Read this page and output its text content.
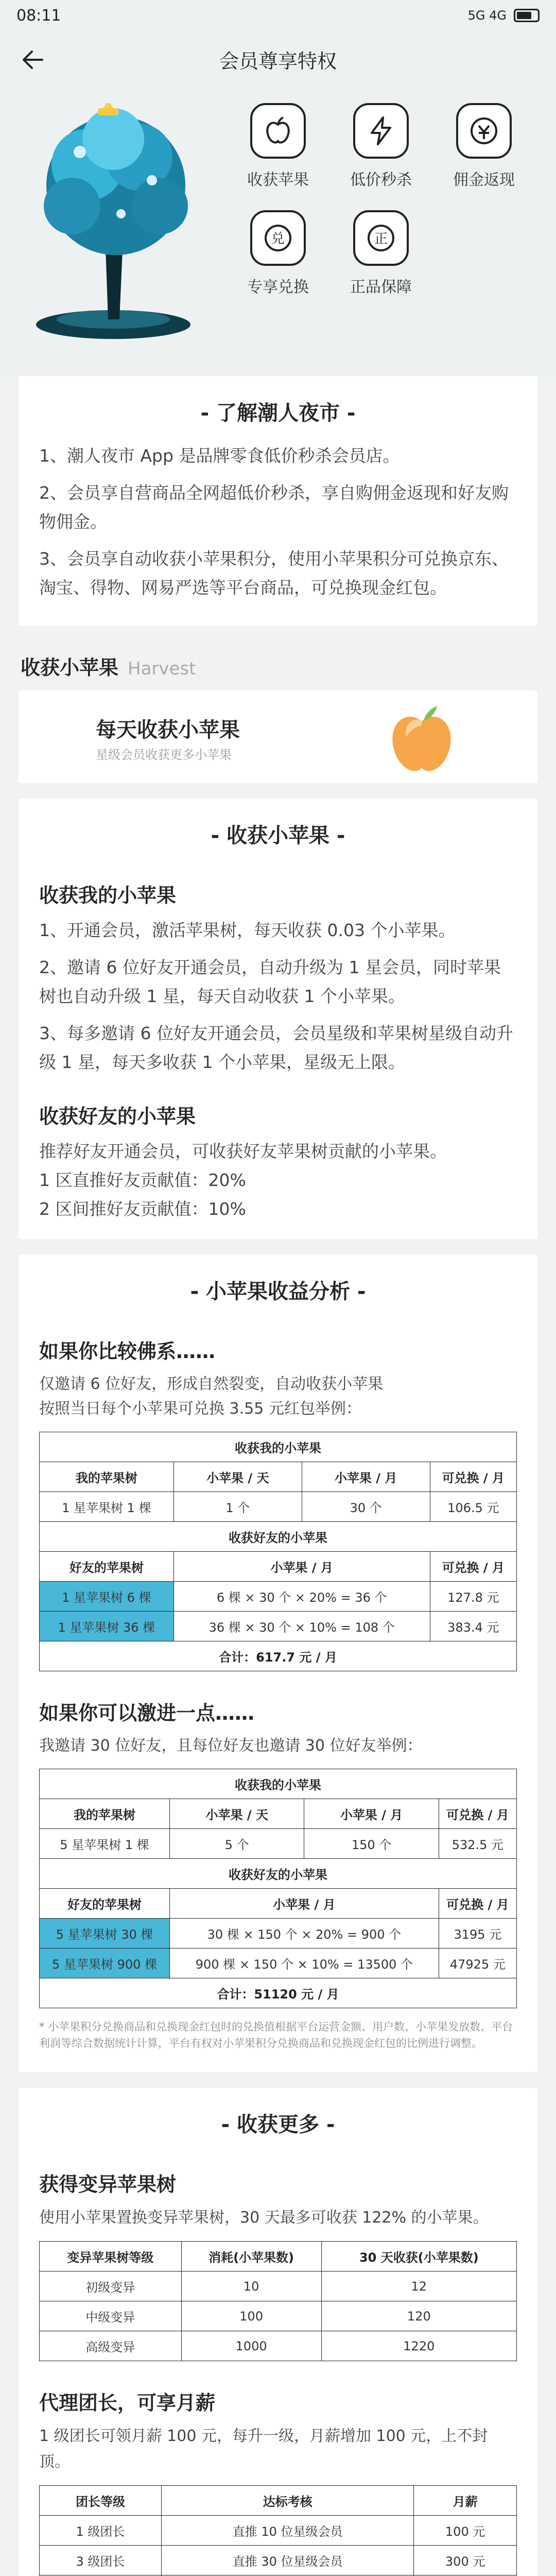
08:11	5G 4G
会员尊享特权
收获苹果	低价秒杀	佣金返现
兑
专享兑换
正
正品保障
- 了解潮人夜市 -
1、潮人夜市 App 是品牌零食低价秒杀会员店。
2、会员享自营商品全网超低价秒杀，享自购佣金返现和好友购物佣金。
3、会员享自动收获小苹果积分，使用小苹果积分可兑换京东、淘宝、得物、网易严选等平台商品，可兑换现金红包。
收获小苹果 Harvest
每天收获小苹果
星级会员收获更多小苹果
- 收获小苹果 -
收获我的小苹果
1、开通会员，激活苹果树，每天收获 0.03 个小苹果。
2、邀请 6 位好友开通会员，自动升级为 1 星会员，同时苹果树也自动升级 1 星，每天自动收获 1 个小苹果。
3、每多邀请 6 位好友开通会员，会员星级和苹果树星级自动升级 1 星，每天多收获 1 个小苹果，星级无上限。
收获好友的小苹果
推荐好友开通会员，可收获好友苹果树贡献的小苹果。
1 区直推好友贡献值：20%
2 区间推好友贡献值：10%
- 小苹果收益分析 -
如果你比较佛系……
仅邀请 6 位好友，形成自然裂变，自动收获小苹果
按照当日每个小苹果可兑换 3.55 元红包举例：
收获我的小苹果			
我的苹果树	小苹果 / 天	小苹果 / 月	可兑换 / 月
1 星苹果树 1 棵	1 个	30 个	106.5 元
收获好友的小苹果			
好友的苹果树	小苹果 / 月		可兑换 / 月
1 星苹果树 6 棵	6 棵 × 30 个 × 20% = 36 个		127.8 元
1 星苹果树 36 棵	36 棵 × 30 个 × 10% = 108 个		383.4 元
合计：617.7 元 / 月			
如果你可以激进一点……
我邀请 30 位好友，且每位好友也邀请 30 位好友举例：
收获我的小苹果			
我的苹果树	小苹果 / 天	小苹果 / 月	可兑换 / 月
5 星苹果树 1 棵	5 个	150 个	532.5 元
收获好友的小苹果			
好友的苹果树	小苹果 / 月		可兑换 / 月
5 星苹果树 30 棵	30 棵 × 150 个 × 20% = 900 个		3195 元
5 星苹果树 900 棵	900 棵 × 150 个 × 10% = 13500 个		47925 元
合计：51120 元 / 月			
* 小苹果积分兑换商品和兑换现金红包时的兑换值根据平台运营金额、用户数、小苹果发放数、平台利润等综合数据统计计算，平台有权对小苹果积分兑换商品和兑换现金红包的比例进行调整。
- 收获更多 -
获得变异苹果树
使用小苹果置换变异苹果树，30 天最多可收获 122% 的小苹果。
变异苹果树等级	消耗(小苹果数)	30 天收获(小苹果数)
初级变异	10	12
中级变异	100	120
高级变异	1000	1220
代理团长，可享月薪
1 级团长可领月薪 100 元，每升一级，月薪增加 100 元，上不封顶。
团长等级	达标考核	月薪
1 级团长	直推 10 位星级会员	100 元
3 级团长	直推 30 位星级会员	300 元
